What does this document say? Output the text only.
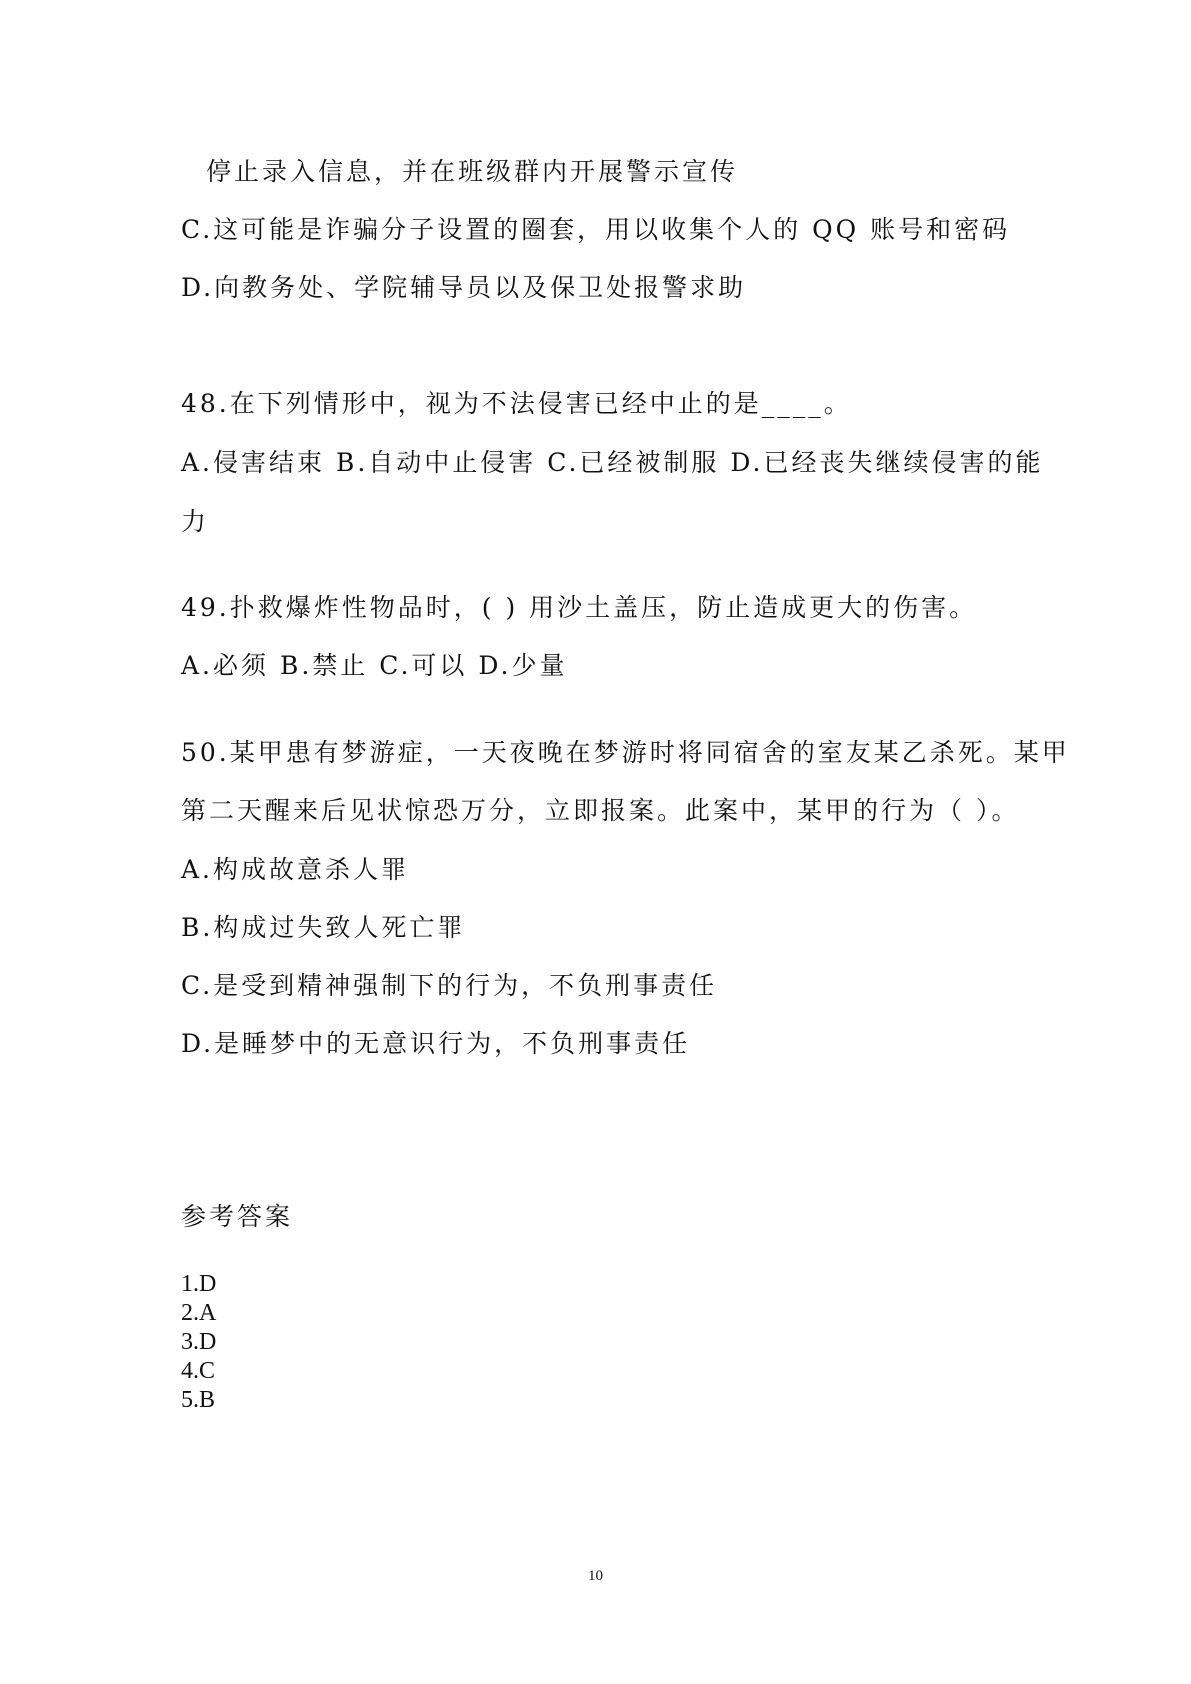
停止录入信息，并在班级群内开展警示宣传
C.这可能是诈骗分子设置的圈套，用以收集个人的 QQ 账号和密码
D.向教务处、学院辅导员以及保卫处报警求助
48.在下列情形中，视为不法侵害已经中止的是____。
A.侵害结束 B.自动中止侵害 C.已经被制服 D.已经丧失继续侵害的能
力
49.扑救爆炸性物品时，( ) 用沙土盖压，防止造成更大的伤害。
A.必须 B.禁止 C.可以 D.少量
50.某甲患有梦游症，一天夜晚在梦游时将同宿舍的室友某乙杀死。某甲
第二天醒来后见状惊恐万分，立即报案。此案中，某甲的行为（ ）。
A.构成故意杀人罪
B.构成过失致人死亡罪
C.是受到精神强制下的行为，不负刑事责任
D.是睡梦中的无意识行为，不负刑事责任
参考答案
1.D
2.A
3.D
4.C
5.B
10
